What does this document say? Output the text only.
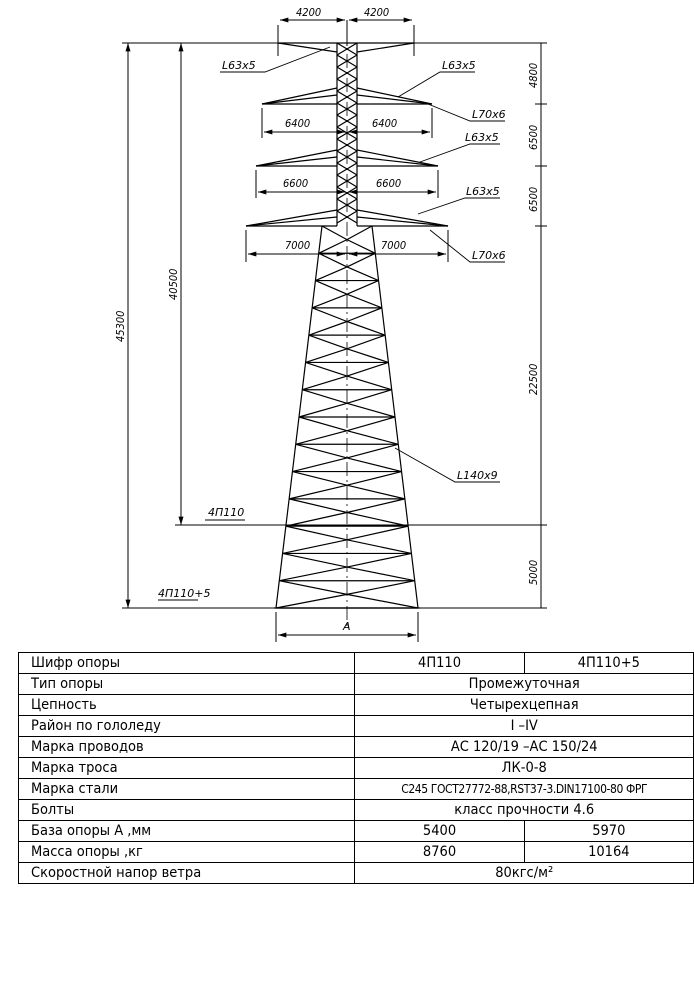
4200	4200
6400	6400
6600	6600
7000	7000
4800
6500
6500
22500
5000
45300
40500
4П110
4П110+5
A
L63x5	L63x5
L70x6
L63x5
L63x5
L70x6
L140x9
Шифр опоры	4П110	4П110+5
Тип опоры	Промежуточная	
Цепность	Четырехцепная	
Район по гололеду	I –IV	
Марка проводов	АС 120/19 –АС 150/24	
Марка троса	ЛК-0-8	
Марка стали	С245 ГОСТ27772-88,RST37-3.DIN17100-80 ФРГ	
Болты	класс прочности 4.6	
База опоры А ,мм	5400	5970
Масса опоры ,кг	8760	10164
Скоростной напор ветра	80кгс/м²	
